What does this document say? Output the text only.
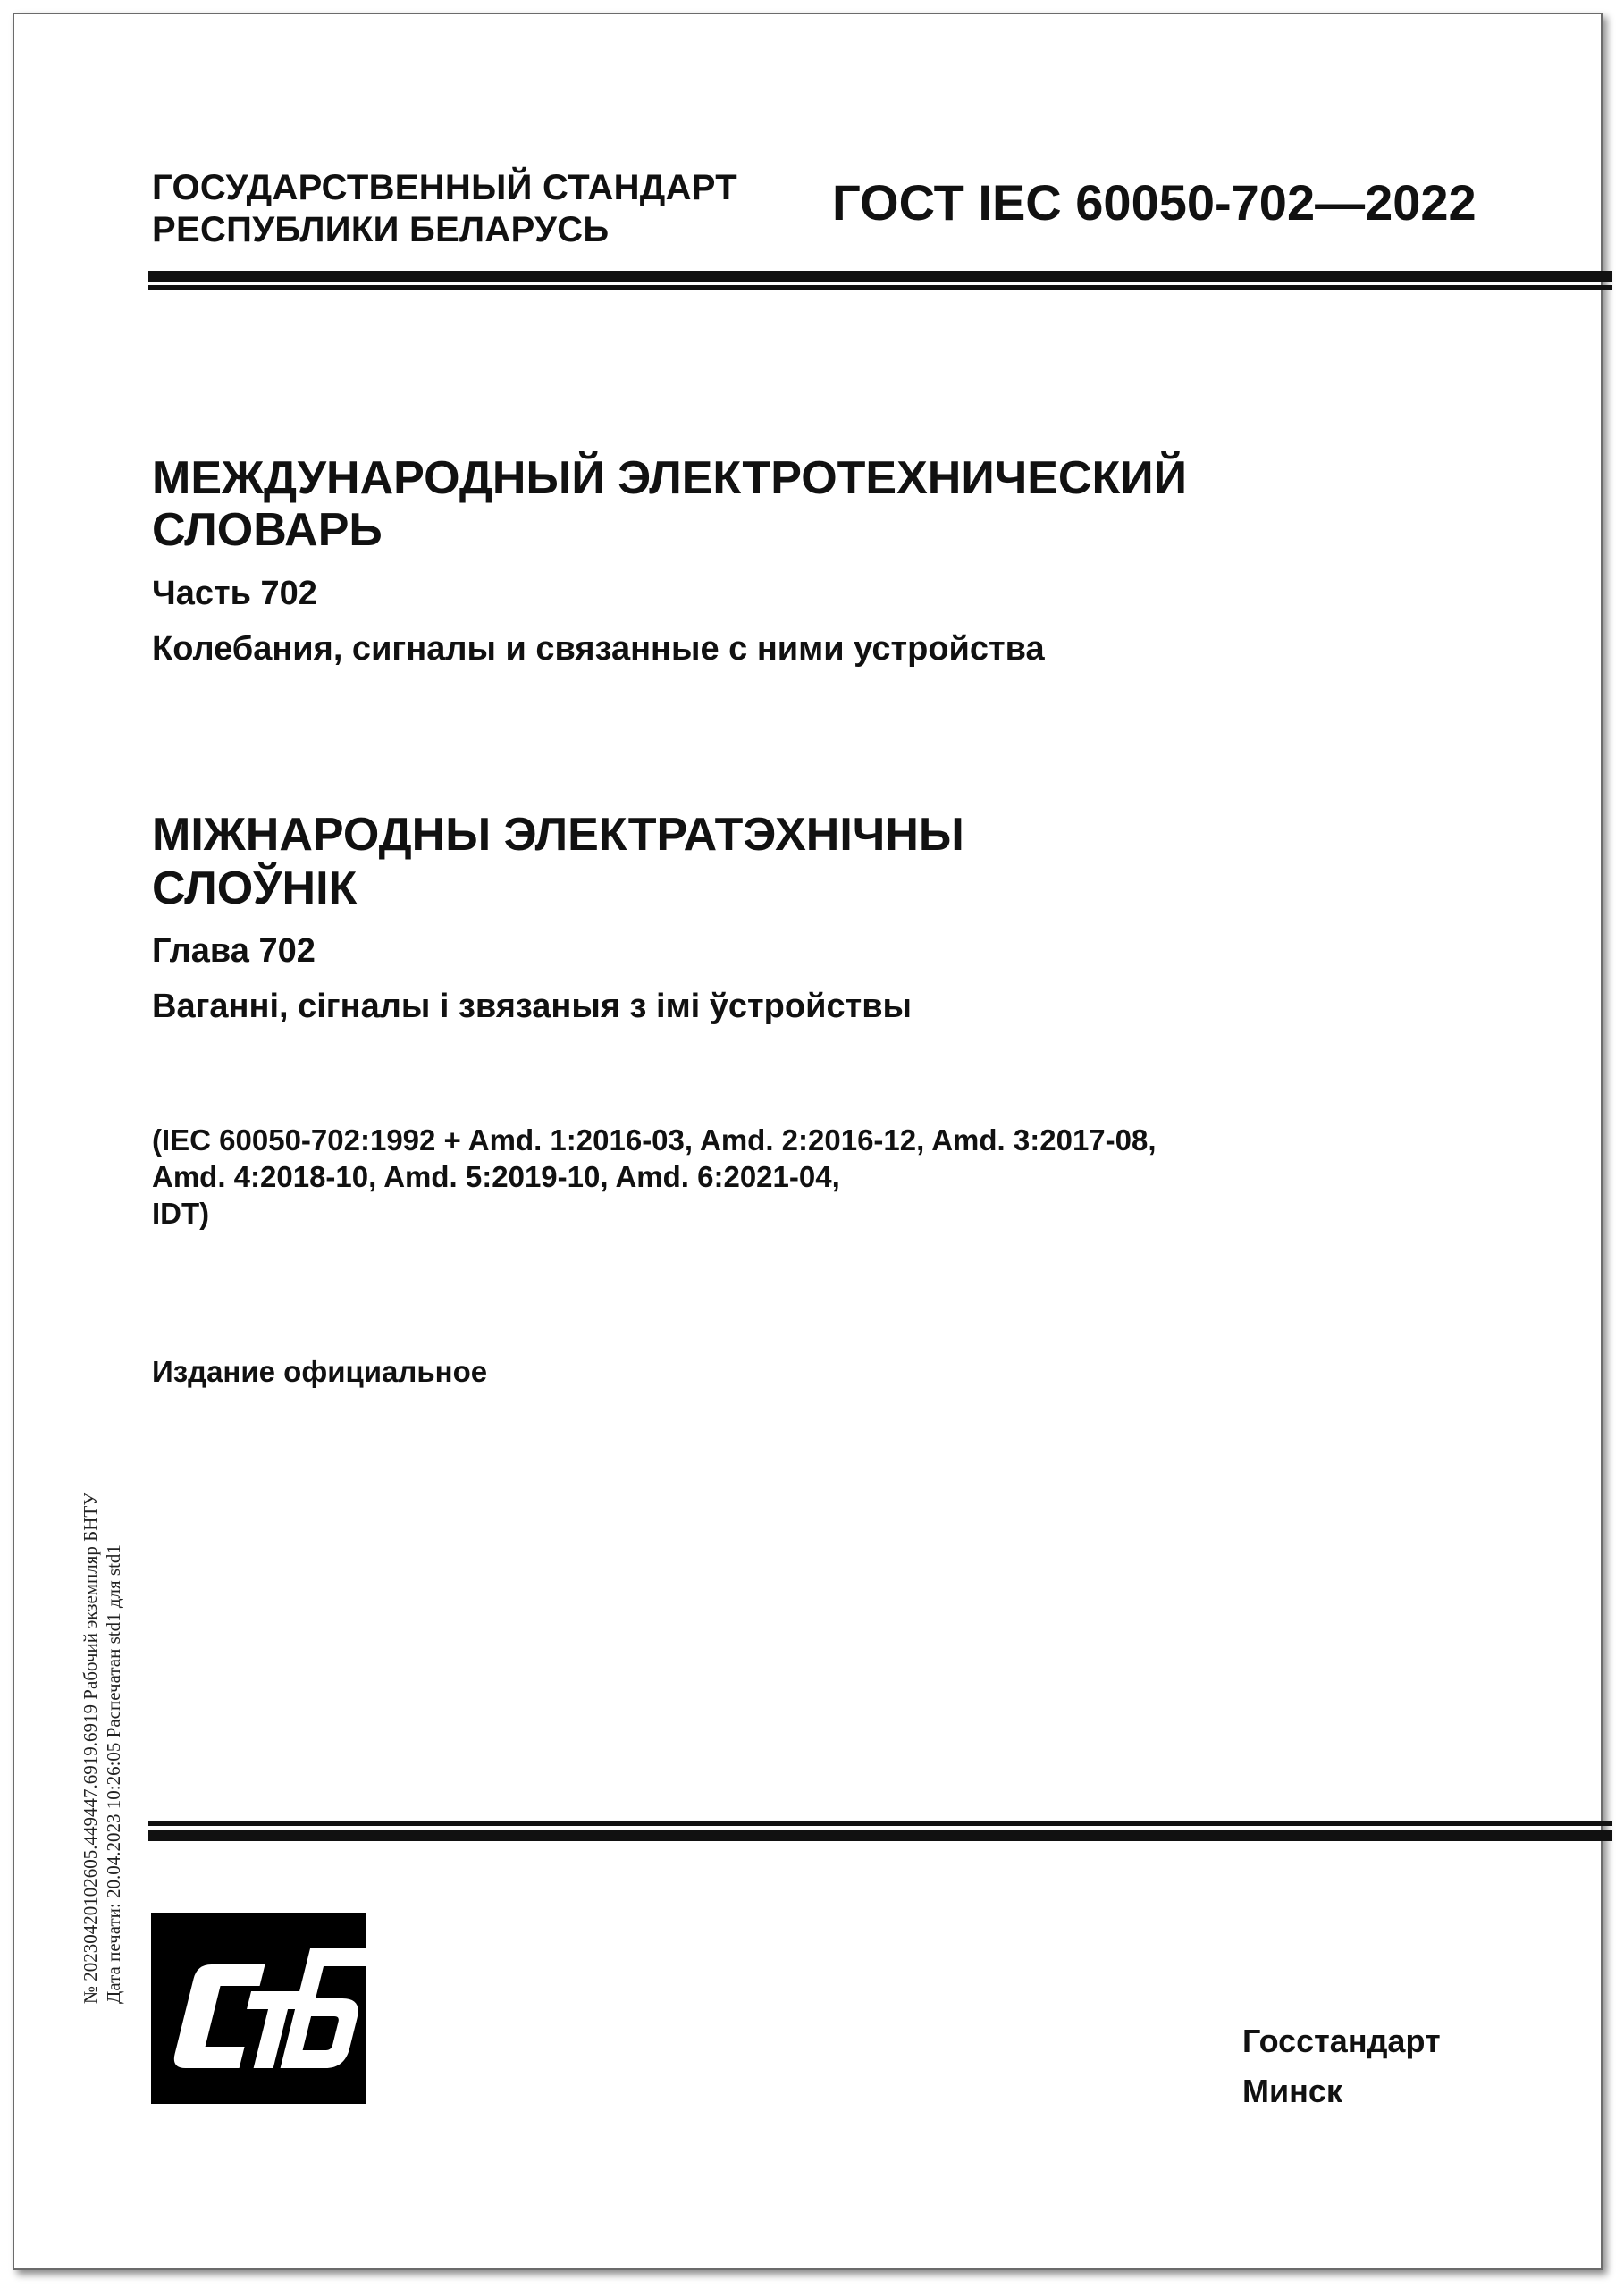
ГОСУДАРСТВЕННЫЙ СТАНДАРТ
РЕСПУБЛИКИ БЕЛАРУСЬ	ГОСТ IEC 60050-702—2022
МЕЖДУНАРОДНЫЙ ЭЛЕКТРОТЕХНИЧЕСКИЙ
СЛОВАРЬ
Часть 702
Колебания, сигналы и связанные с ними устройства
МІЖНАРОДНЫ ЭЛЕКТРАТЭХНІЧНЫ
СЛОЎНІК
Глава 702
Ваганні, сігналы і звязаныя з імі ўстройствы
(IEC 60050-702:1992 + Amd. 1:2016-03, Amd. 2:2016-12, Amd. 3:2017-08,
Amd. 4:2018-10, Amd. 5:2019-10, Amd. 6:2021-04,
IDT)
Издание официальное
№ 20230420102605.449447.6919.6919 Рабочий экземпляр БНТУ Дата печати: 20.04.2023 10:26:05 Распечатан std1 для std1
Госстандарт
Минск
